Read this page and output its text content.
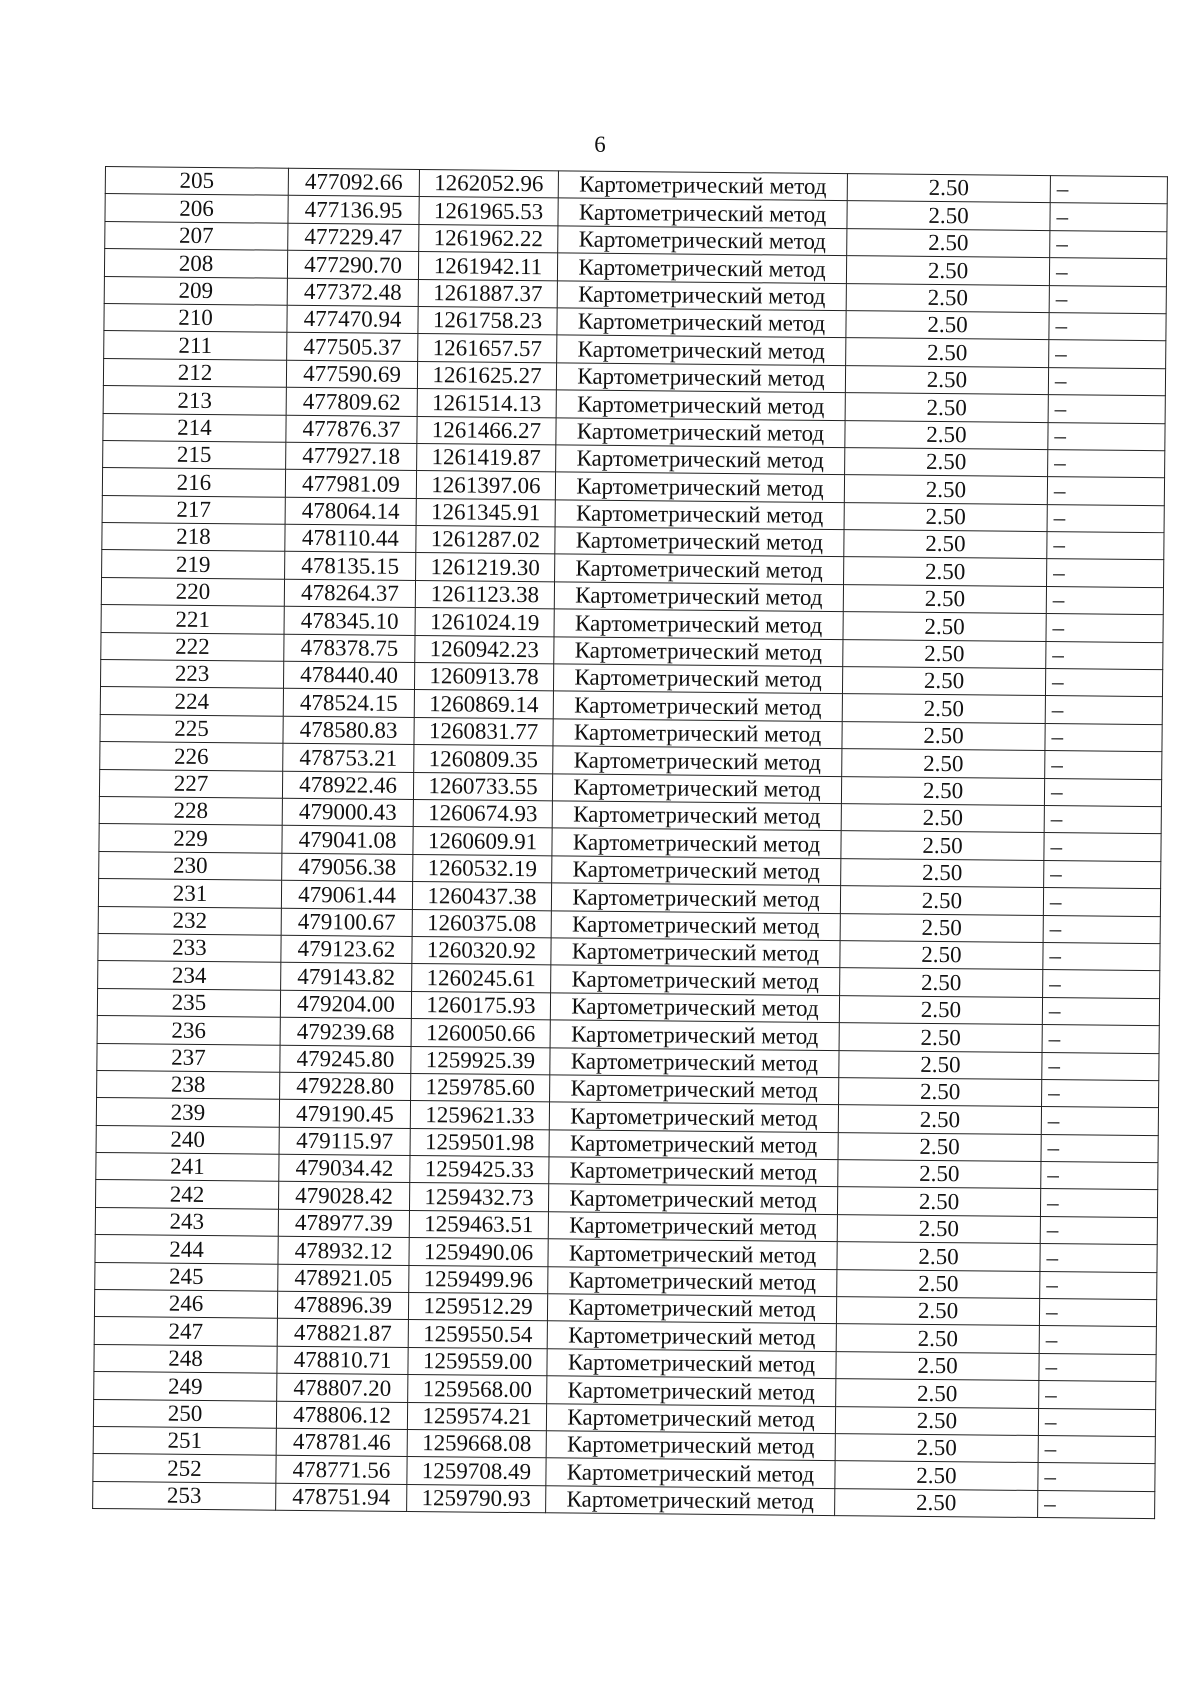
6
205	477092.66	1262052.96	Картометрический метод	2.50	–
206	477136.95	1261965.53	Картометрический метод	2.50	–
207	477229.47	1261962.22	Картометрический метод	2.50	–
208	477290.70	1261942.11	Картометрический метод	2.50	–
209	477372.48	1261887.37	Картометрический метод	2.50	–
210	477470.94	1261758.23	Картометрический метод	2.50	–
211	477505.37	1261657.57	Картометрический метод	2.50	–
212	477590.69	1261625.27	Картометрический метод	2.50	–
213	477809.62	1261514.13	Картометрический метод	2.50	–
214	477876.37	1261466.27	Картометрический метод	2.50	–
215	477927.18	1261419.87	Картометрический метод	2.50	–
216	477981.09	1261397.06	Картометрический метод	2.50	–
217	478064.14	1261345.91	Картометрический метод	2.50	–
218	478110.44	1261287.02	Картометрический метод	2.50	–
219	478135.15	1261219.30	Картометрический метод	2.50	–
220	478264.37	1261123.38	Картометрический метод	2.50	–
221	478345.10	1261024.19	Картометрический метод	2.50	–
222	478378.75	1260942.23	Картометрический метод	2.50	–
223	478440.40	1260913.78	Картометрический метод	2.50	–
224	478524.15	1260869.14	Картометрический метод	2.50	–
225	478580.83	1260831.77	Картометрический метод	2.50	–
226	478753.21	1260809.35	Картометрический метод	2.50	–
227	478922.46	1260733.55	Картометрический метод	2.50	–
228	479000.43	1260674.93	Картометрический метод	2.50	–
229	479041.08	1260609.91	Картометрический метод	2.50	–
230	479056.38	1260532.19	Картометрический метод	2.50	–
231	479061.44	1260437.38	Картометрический метод	2.50	–
232	479100.67	1260375.08	Картометрический метод	2.50	–
233	479123.62	1260320.92	Картометрический метод	2.50	–
234	479143.82	1260245.61	Картометрический метод	2.50	–
235	479204.00	1260175.93	Картометрический метод	2.50	–
236	479239.68	1260050.66	Картометрический метод	2.50	–
237	479245.80	1259925.39	Картометрический метод	2.50	–
238	479228.80	1259785.60	Картометрический метод	2.50	–
239	479190.45	1259621.33	Картометрический метод	2.50	–
240	479115.97	1259501.98	Картометрический метод	2.50	–
241	479034.42	1259425.33	Картометрический метод	2.50	–
242	479028.42	1259432.73	Картометрический метод	2.50	–
243	478977.39	1259463.51	Картометрический метод	2.50	–
244	478932.12	1259490.06	Картометрический метод	2.50	–
245	478921.05	1259499.96	Картометрический метод	2.50	–
246	478896.39	1259512.29	Картометрический метод	2.50	–
247	478821.87	1259550.54	Картометрический метод	2.50	–
248	478810.71	1259559.00	Картометрический метод	2.50	–
249	478807.20	1259568.00	Картометрический метод	2.50	–
250	478806.12	1259574.21	Картометрический метод	2.50	–
251	478781.46	1259668.08	Картометрический метод	2.50	–
252	478771.56	1259708.49	Картометрический метод	2.50	–
253	478751.94	1259790.93	Картометрический метод	2.50	–
